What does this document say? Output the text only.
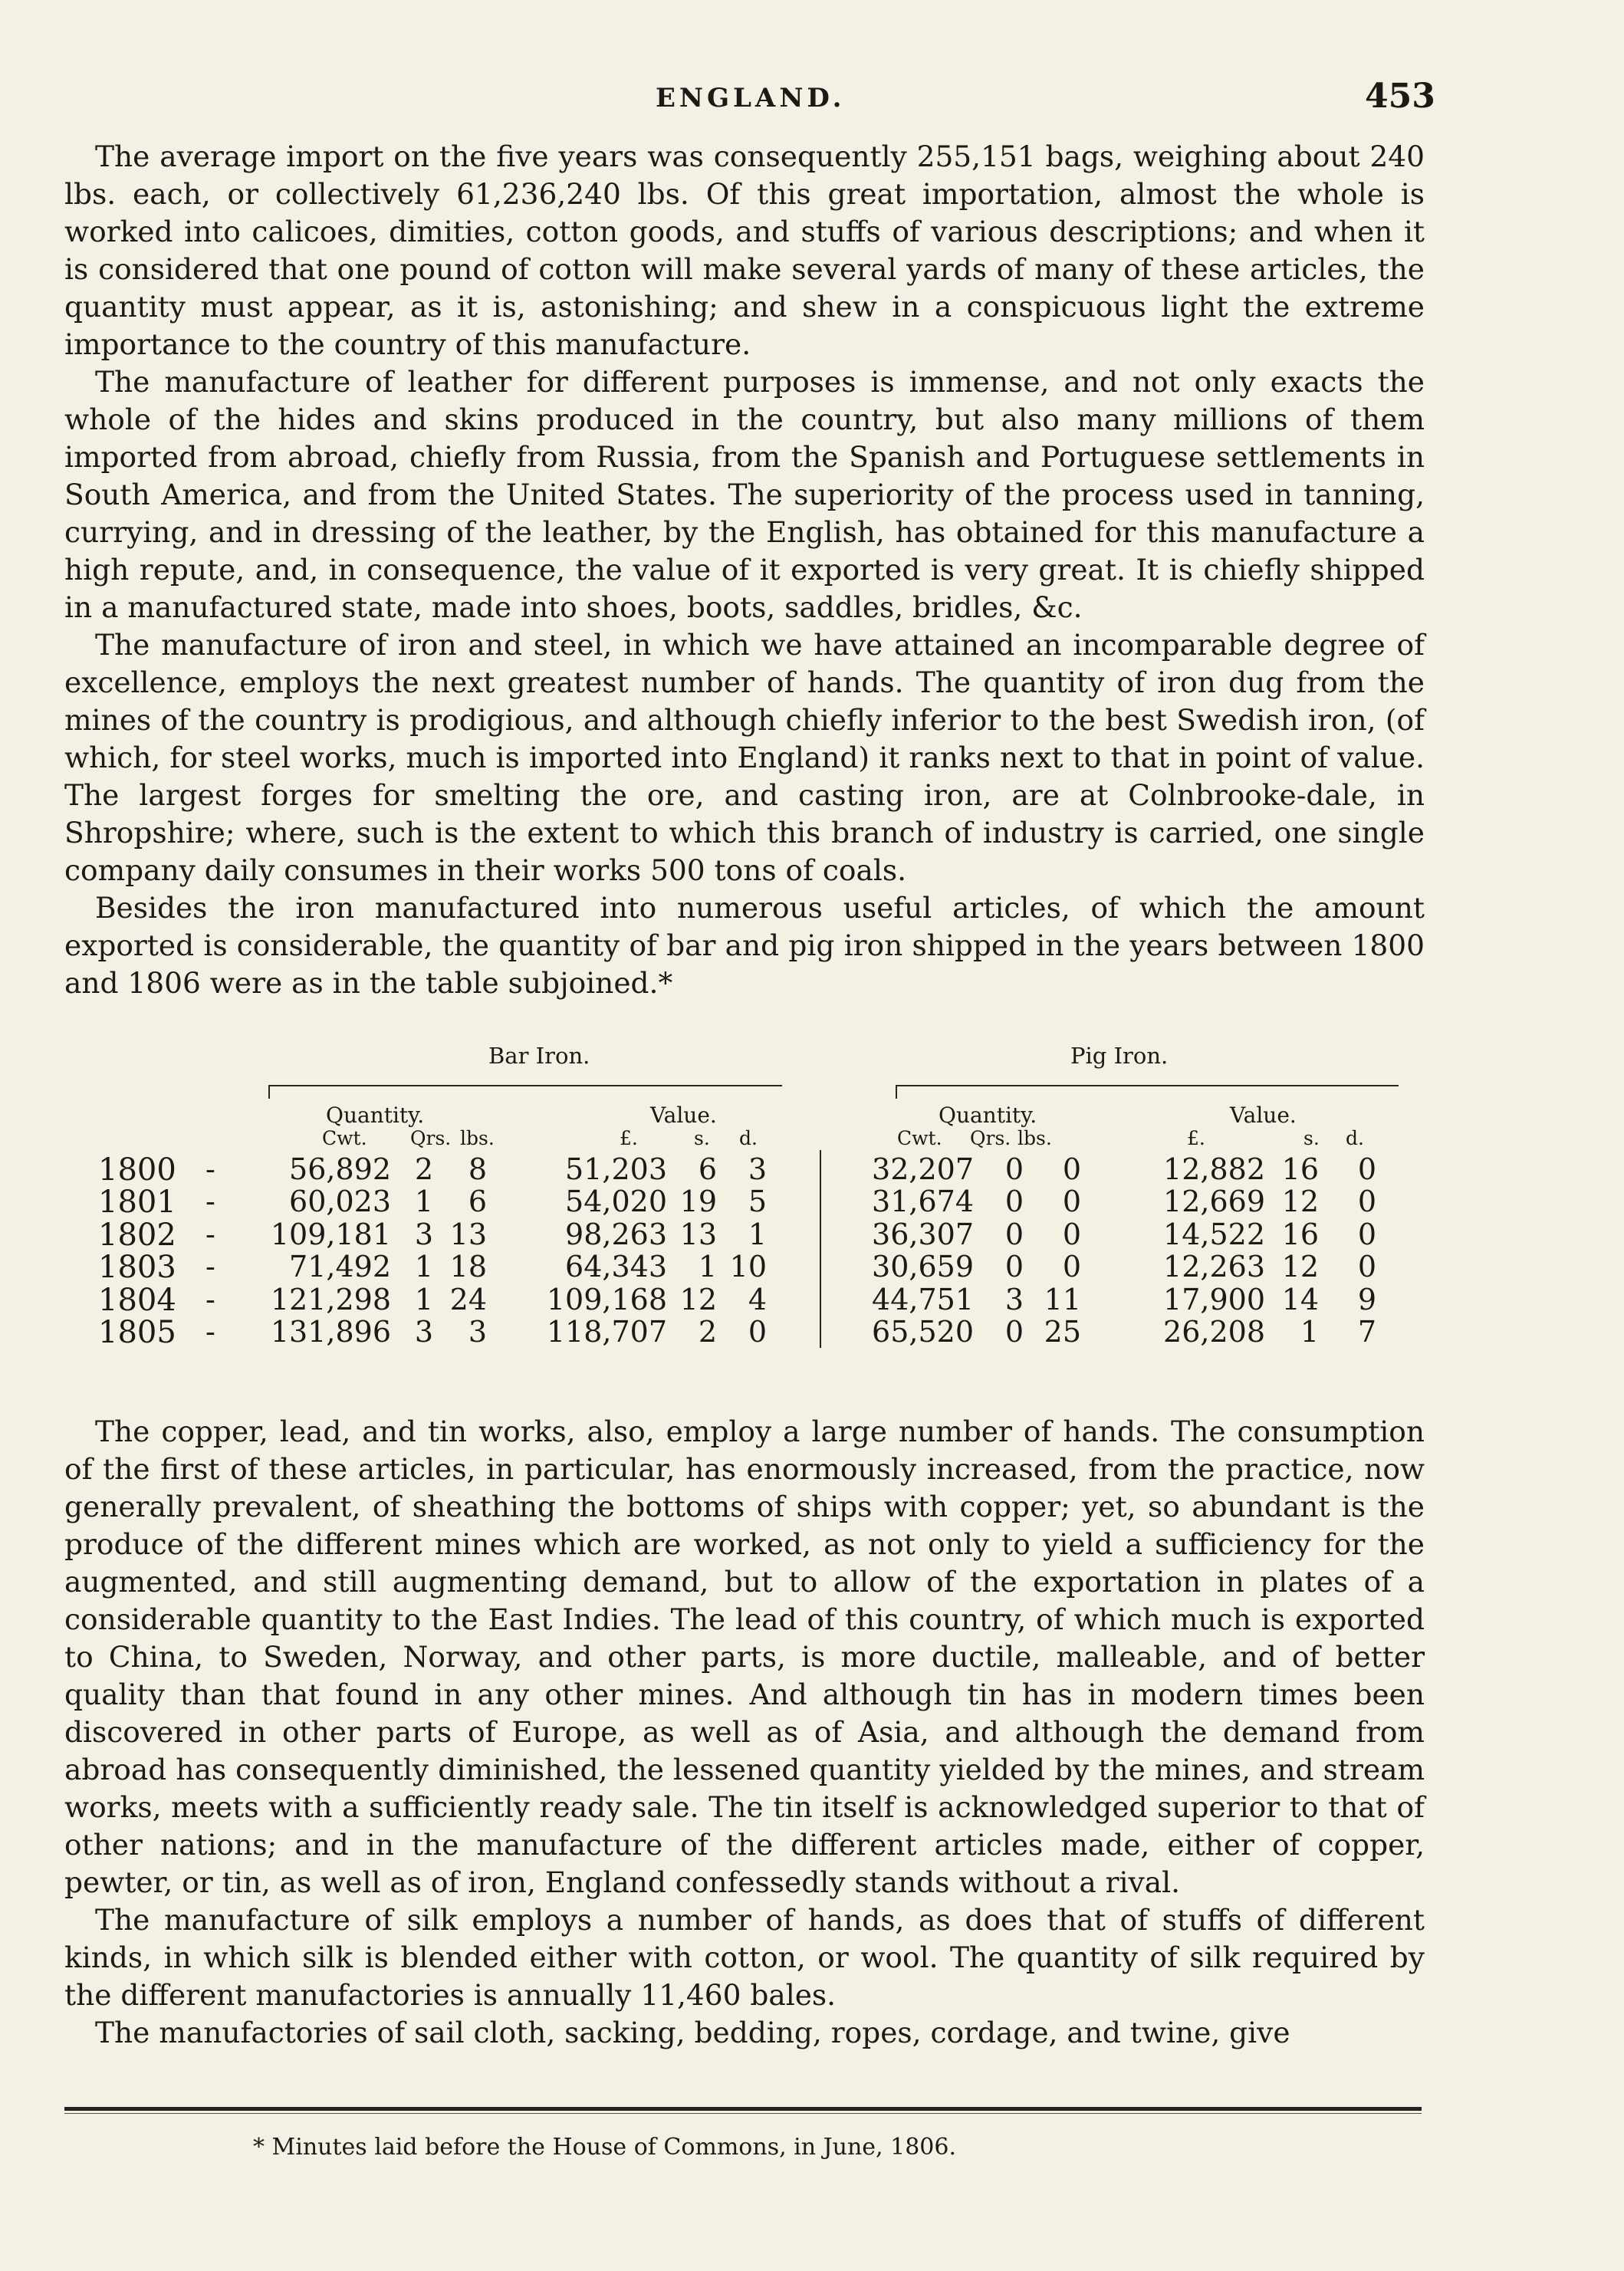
ENGLAND.	453

The average import on the five years was consequently 255,151 bags, weighing about 240 lbs. each, or collectively 61,236,240 lbs. Of this great importation, almost the whole is worked into calicoes, dimities, cotton goods, and stuffs of various descriptions; and when it is considered that one pound of cotton will make several yards of many of these articles, the quantity must appear, as it is, astonishing; and shew in a conspicuous light the extreme importance to the country of this manufacture.

The manufacture of leather for different purposes is immense, and not only exacts the whole of the hides and skins produced in the country, but also many millions of them imported from abroad, chiefly from Russia, from the Spanish and Portuguese settlements in South America, and from the United States. The superiority of the process used in tanning, currying, and in dressing of the leather, by the English, has obtained for this manufacture a high repute, and, in consequence, the value of it exported is very great. It is chiefly shipped in a manufactured state, made into shoes, boots, saddles, bridles, &c.

The manufacture of iron and steel, in which we have attained an incomparable degree of excellence, employs the next greatest number of hands. The quantity of iron dug from the mines of the country is prodigious, and although chiefly inferior to the best Swedish iron, (of which, for steel works, much is imported into England) it ranks next to that in point of value. The largest forges for smelting the ore, and casting iron, are at Colnbrooke-dale, in Shropshire; where, such is the extent to which this branch of industry is carried, one single company daily consumes in their works 500 tons of coals.

Besides the iron manufactured into numerous useful articles, of which the amount exported is considerable, the quantity of bar and pig iron shipped in the years between 1800 and 1806 were as in the table subjoined.*

Bar Iron.	Pig Iron.
Quantity.	Value.	Quantity.	Value.
Cwt. Qrs. lbs.	£.	s. d.	Cwt. Qrs. lbs.	£.	s. d.
1800 -	56,892 2	8	51,203	6	3	32,207 0	0	12,882 16	0
1801 -	60,023 1	6	54,020 19	5	31,674 0	0	12,669 12	0
1802 -	109,181 3 13	98,263 13	1	36,307 0	0	14,522 16	0
1803 -	71,492 1 18	64,343	1 10	30,659 0	0	12,263 12	0
1804 -	121,298 1 24	109,168 12	4	44,751 3 11	17,900 14	9
1805 -	131,896 3	3	118,707	2	0	65,520 0 25	26,208	1	7

The copper, lead, and tin works, also, employ a large number of hands. The consumption of the first of these articles, in particular, has enormously increased, from the practice, now generally prevalent, of sheathing the bottoms of ships with copper; yet, so abundant is the produce of the different mines which are worked, as not only to yield a sufficiency for the augmented, and still augmenting demand, but to allow of the exportation in plates of a considerable quantity to the East Indies. The lead of this country, of which much is exported to China, to Sweden, Norway, and other parts, is more ductile, malleable, and of better quality than that found in any other mines. And although tin has in modern times been discovered in other parts of Europe, as well as of Asia, and although the demand from abroad has consequently diminished, the lessened quantity yielded by the mines, and stream works, meets with a sufficiently ready sale. The tin itself is acknowledged superior to that of other nations; and in the manufacture of the different articles made, either of copper, pewter, or tin, as well as of iron, England confessedly stands without a rival.

The manufacture of silk employs a number of hands, as does that of stuffs of different kinds, in which silk is blended either with cotton, or wool. The quantity of silk required by the different manufactories is annually 11,460 bales.

The manufactories of sail cloth, sacking, bedding, ropes, cordage, and twine, give

* Minutes laid before the House of Commons, in June, 1806.
